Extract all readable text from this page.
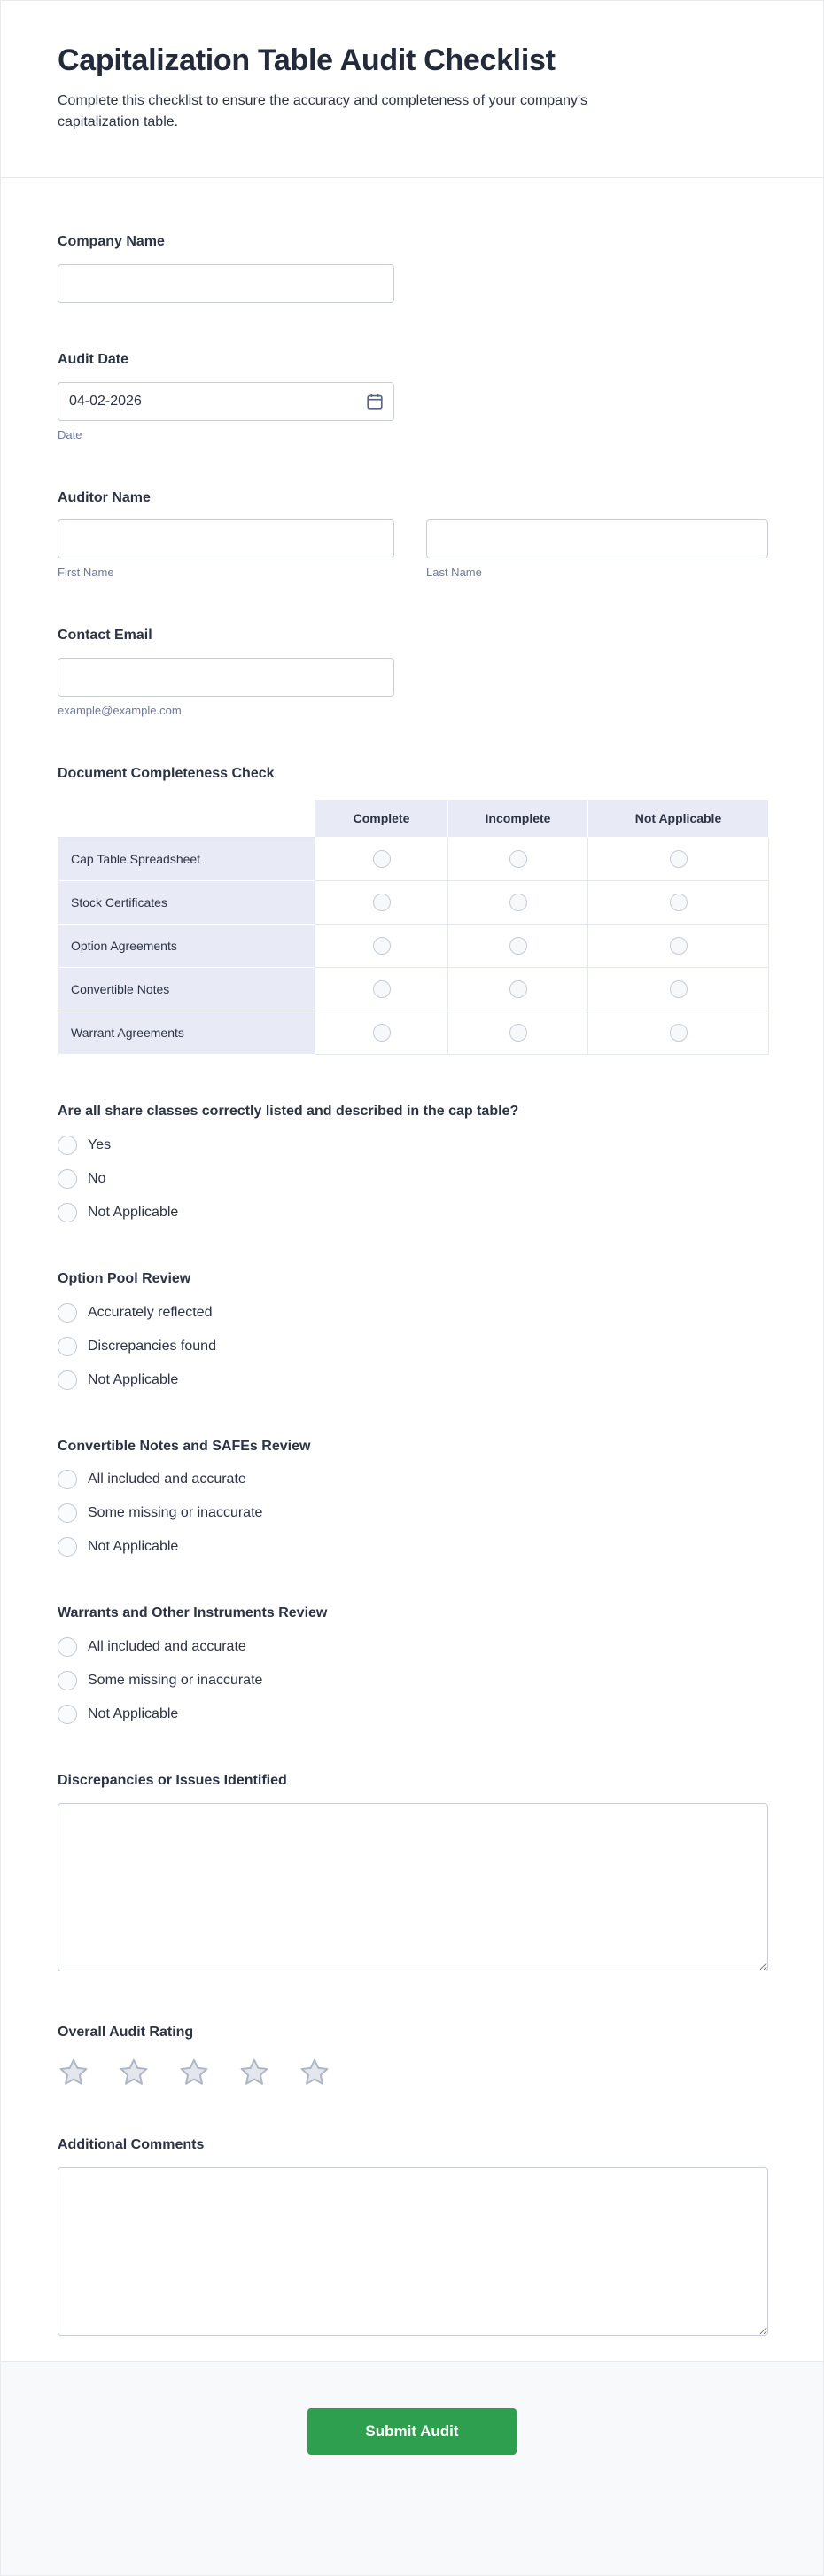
Capitalization Table Audit Checklist

Complete this checklist to ensure the accuracy and completeness of your company's capitalization table.

Company Name
Audit Date
04-02-2026
Date
Auditor Name
First Name	Last Name
Contact Email
example@example.com
Document Completeness Check
	Complete	Incomplete	Not Applicable
Cap Table Spreadsheet			
Stock Certificates			
Option Agreements			
Convertible Notes			
Warrant Agreements			
Are all share classes correctly listed and described in the cap table?
Yes
No
Not Applicable
Option Pool Review
Accurately reflected
Discrepancies found
Not Applicable
Convertible Notes and SAFEs Review
All included and accurate
Some missing or inaccurate
Not Applicable
Warrants and Other Instruments Review
All included and accurate
Some missing or inaccurate
Not Applicable
Discrepancies or Issues Identified
Overall Audit Rating
Additional Comments
Submit Audit
